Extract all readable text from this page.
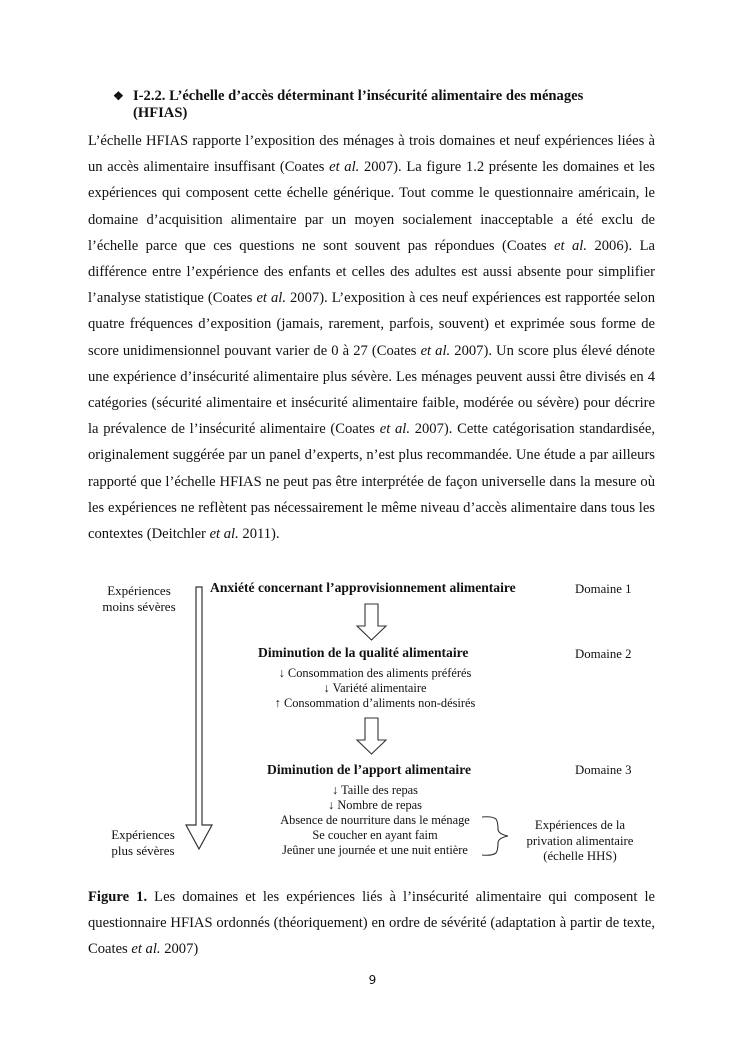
❖ I-2.2. L’échelle d’accès déterminant l’insécurité alimentaire des ménages
(HFIAS)

L’échelle HFIAS rapporte l’exposition des ménages à trois domaines et neuf expériences liées à un accès alimentaire insuffisant (Coates et al. 2007). La figure 1.2 présente les domaines et les expériences qui composent cette échelle générique. Tout comme le questionnaire américain, le domaine d’acquisition alimentaire par un moyen socialement inacceptable a été exclu de l’échelle parce que ces questions ne sont souvent pas répondues (Coates et al. 2006). La différence entre l’expérience des enfants et celles des adultes est aussi absente pour simplifier l’analyse statistique (Coates et al. 2007). L’exposition à ces neuf expériences est rapportée selon quatre fréquences d’exposition (jamais, rarement, parfois, souvent) et exprimée sous forme de score unidimensionnel pouvant varier de 0 à 27 (Coates et al. 2007). Un score plus élevé dénote une expérience d’insécurité alimentaire plus sévère. Les ménages peuvent aussi être divisés en 4 catégories (sécurité alimentaire et insécurité alimentaire faible, modérée ou sévère) pour décrire la prévalence de l’insécurité alimentaire (Coates et al. 2007). Cette catégorisation standardisée, originalement suggérée par un panel d’experts, n’est plus recommandée. Une étude a par ailleurs rapporté que l’échelle HFIAS ne peut pas être interprétée de façon universelle dans la mesure où les expériences ne reflètent pas nécessairement le même niveau d’accès alimentaire dans tous les contextes (Deitchler et al. 2011).

Expériences
moins sévères
Expériences
plus sévères
Anxiété concernant l’approvisionnement alimentaire	Domaine 1
Diminution de la qualité alimentaire	Domaine 2
↓ Consommation des aliments préférés
↓ Variété alimentaire
↑ Consommation d’aliments non-désirés
Diminution de l’apport alimentaire	Domaine 3
↓ Taille des repas
↓ Nombre de repas
Absence de nourriture dans le ménage
Se coucher en ayant faim
Jeûner une journée et une nuit entière
Expériences de la
privation alimentaire
(échelle HHS)

Figure 1. Les domaines et les expériences liés à l’insécurité alimentaire qui composent le questionnaire HFIAS ordonnés (théoriquement) en ordre de sévérité (adaptation à partir de texte, Coates et al. 2007)

9
